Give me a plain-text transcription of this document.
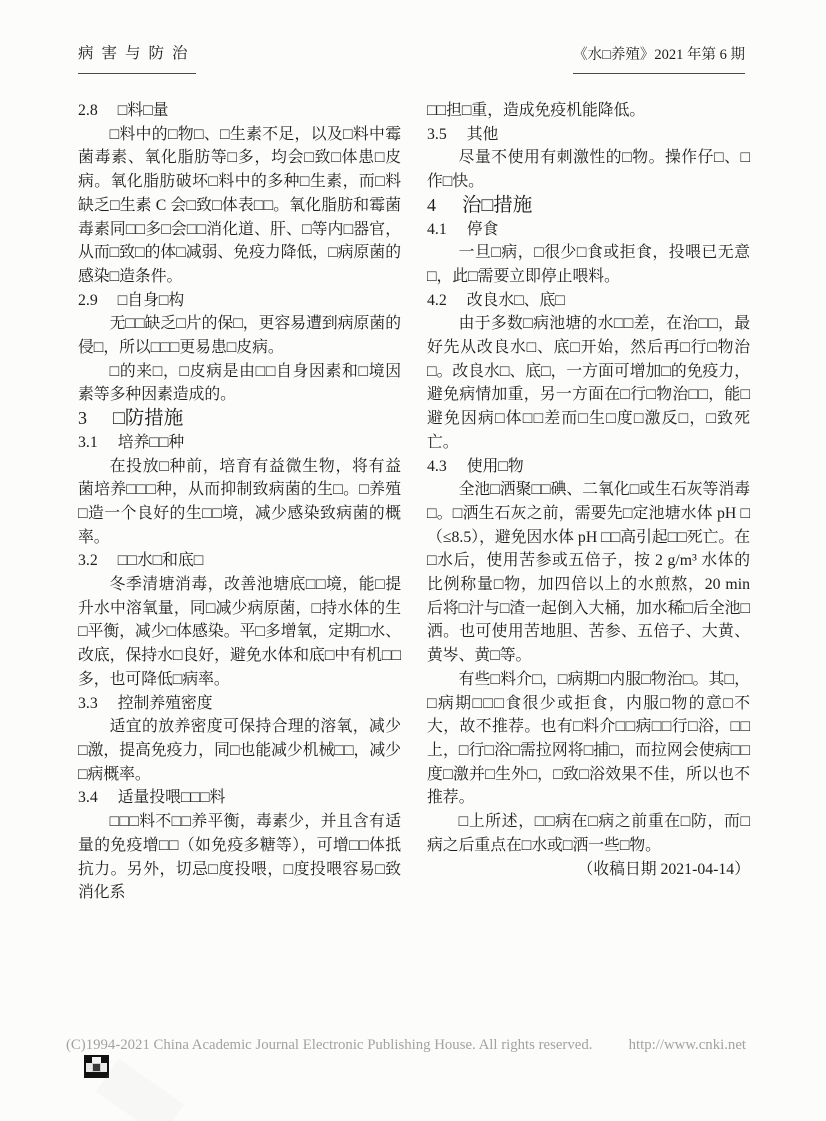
病害与防治	《水□养殖》2021 年第 6 期
2.8 □料□量

□料中的□物□、□生素不足，以及□料中霉菌毒素、氧化脂肪等□多，均会□致□体患□皮病。氧化脂肪破坏□料中的多种□生素，而□料缺乏□生素 C 会□致□体表□□。氧化脂肪和霉菌毒素同□□多□会□□消化道、肝、□等内□器官，从而□致□的体□减弱、免疫力降低，□病原菌的感染□造条件。

2.9 □自身□构

无□□缺乏□片的保□，更容易遭到病原菌的侵□，所以□□□更易患□皮病。

□的来□，□皮病是由□□自身因素和□境因素等多种因素造成的。

3 □防措施
3.1 培养□□种

在投放□种前，培育有益微生物，将有益菌培养□□□种，从而抑制致病菌的生□。□养殖□造一个良好的生□□境，减少感染致病菌的概率。

3.2 □□水□和底□

冬季清塘消毒，改善池塘底□□境，能□提升水中溶氧量，同□减少病原菌，□持水体的生□平衡，减少□体感染。平□多增氧，定期□水、改底，保持水□良好，避免水体和底□中有机□□多，也可降低□病率。

3.3 控制养殖密度

适宜的放养密度可保持合理的溶氧，减少□激，提高免疫力，同□也能减少机械□□，减少□病概率。

3.4 适量投喂□□□料

□□□料不□□养平衡，毒素少，并且含有适量的免疫增□□（如免疫多糖等），可增□□体抵抗力。另外，切忌□度投喂，□度投喂容易□致消化系

□□担□重，造成免疫机能降低。

3.5 其他

尽量不使用有刺激性的□物。操作仔□、□作□快。

4 治□措施
4.1 停食

一旦□病，□很少□食或拒食，投喂已无意□，此□需要立即停止喂料。

4.2 改良水□、底□

由于多数□病池塘的水□□差，在治□□，最好先从改良水□、底□开始，然后再□行□物治□。改良水□、底□，一方面可增加□的免疫力，避免病情加重，另一方面在□行□物治□□，能□避免因病□体□□差而□生□度□激反□，□致死亡。

4.3 使用□物

全池□洒聚□□碘、二氧化□或生石灰等消毒□。□洒生石灰之前，需要先□定池塘水体 pH □（≤8.5），避免因水体 pH □□高引起□□死亡。在□水后，使用苦参或五倍子，按 2 g/m³ 水体的比例称量□物，加四倍以上的水煎熬，20 min 后将□汁与□渣一起倒入大桶，加水稀□后全池□洒。也可使用苦地胆、苦参、五倍子、大黄、黄岑、黄□等。

有些□料介□，□病期□内服□物治□。其□，□病期□□□食很少或拒食，内服□物的意□不大，故不推荐。也有□料介□□病□□行□浴，□□上，□行□浴□需拉网将□捕□，而拉网会使病□□度□激并□生外□，□致□浴效果不佳，所以也不推荐。

□上所述，□□病在□病之前重在□防，而□病之后重点在□水或□洒一些□物。

（收稿日期 2021-04-14）

(C)1994-2021 China Academic Journal Electronic Publishing House. All rights reserved. http://www.cnki.net
